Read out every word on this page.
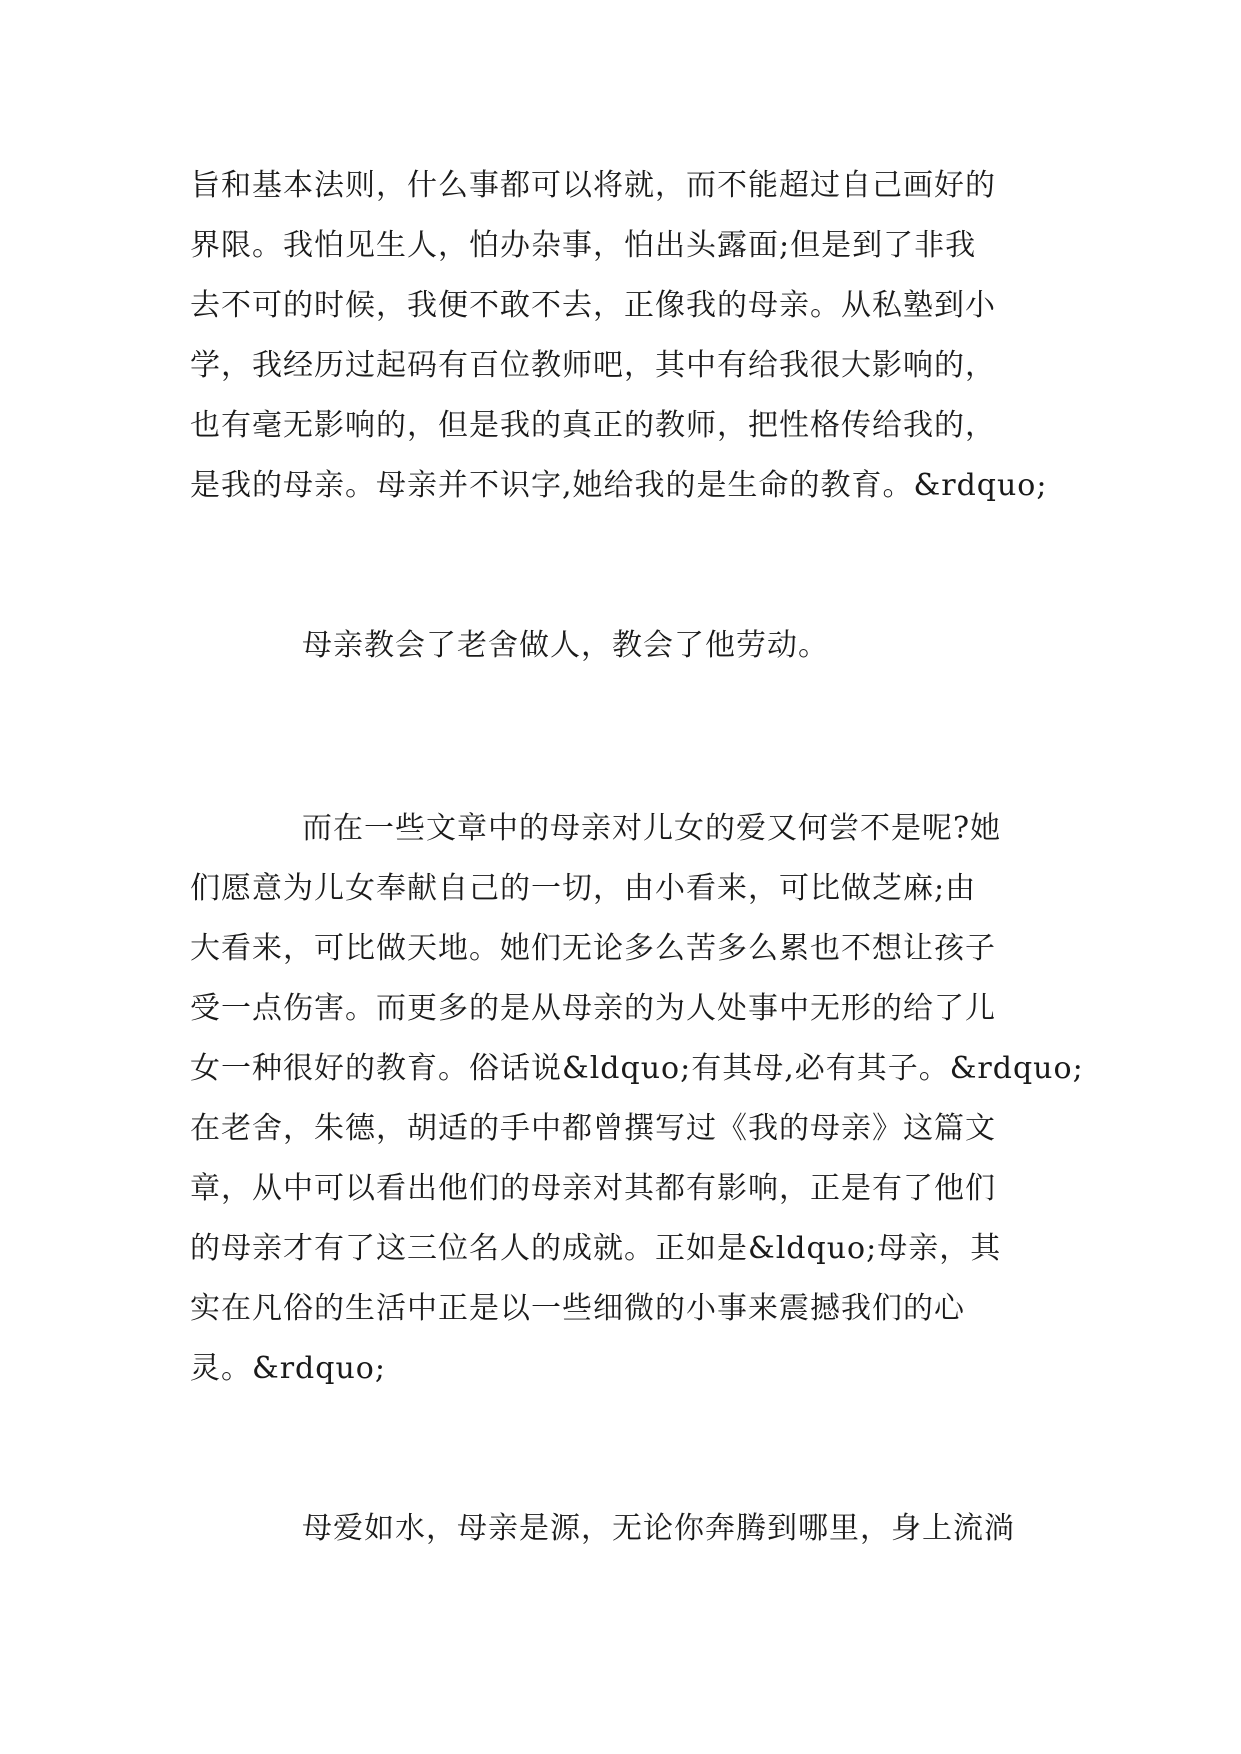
旨和基本法则，什么事都可以将就，而不能超过自己画好的

界限。我怕见生人，怕办杂事，怕出头露面;但是到了非我

去不可的时候，我便不敢不去，正像我的母亲。从私塾到小

学，我经历过起码有百位教师吧，其中有给我很大影响的，

也有毫无影响的，但是我的真正的教师，把性格传给我的，

是我的母亲。母亲并不识字,她给我的是生命的教育。&rdquo;

母亲教会了老舍做人，教会了他劳动。

而在一些文章中的母亲对儿女的爱又何尝不是呢?她

们愿意为儿女奉献自己的一切，由小看来，可比做芝麻;由

大看来，可比做天地。她们无论多么苦多么累也不想让孩子

受一点伤害。而更多的是从母亲的为人处事中无形的给了儿

女一种很好的教育。俗话说&ldquo;有其母,必有其子。&rdquo;

在老舍，朱德，胡适的手中都曾撰写过《我的母亲》这篇文

章，从中可以看出他们的母亲对其都有影响，正是有了他们

的母亲才有了这三位名人的成就。正如是&ldquo;母亲，其

实在凡俗的生活中正是以一些细微的小事来震撼我们的心

灵。&rdquo;

母爱如水，母亲是源，无论你奔腾到哪里，身上流淌
